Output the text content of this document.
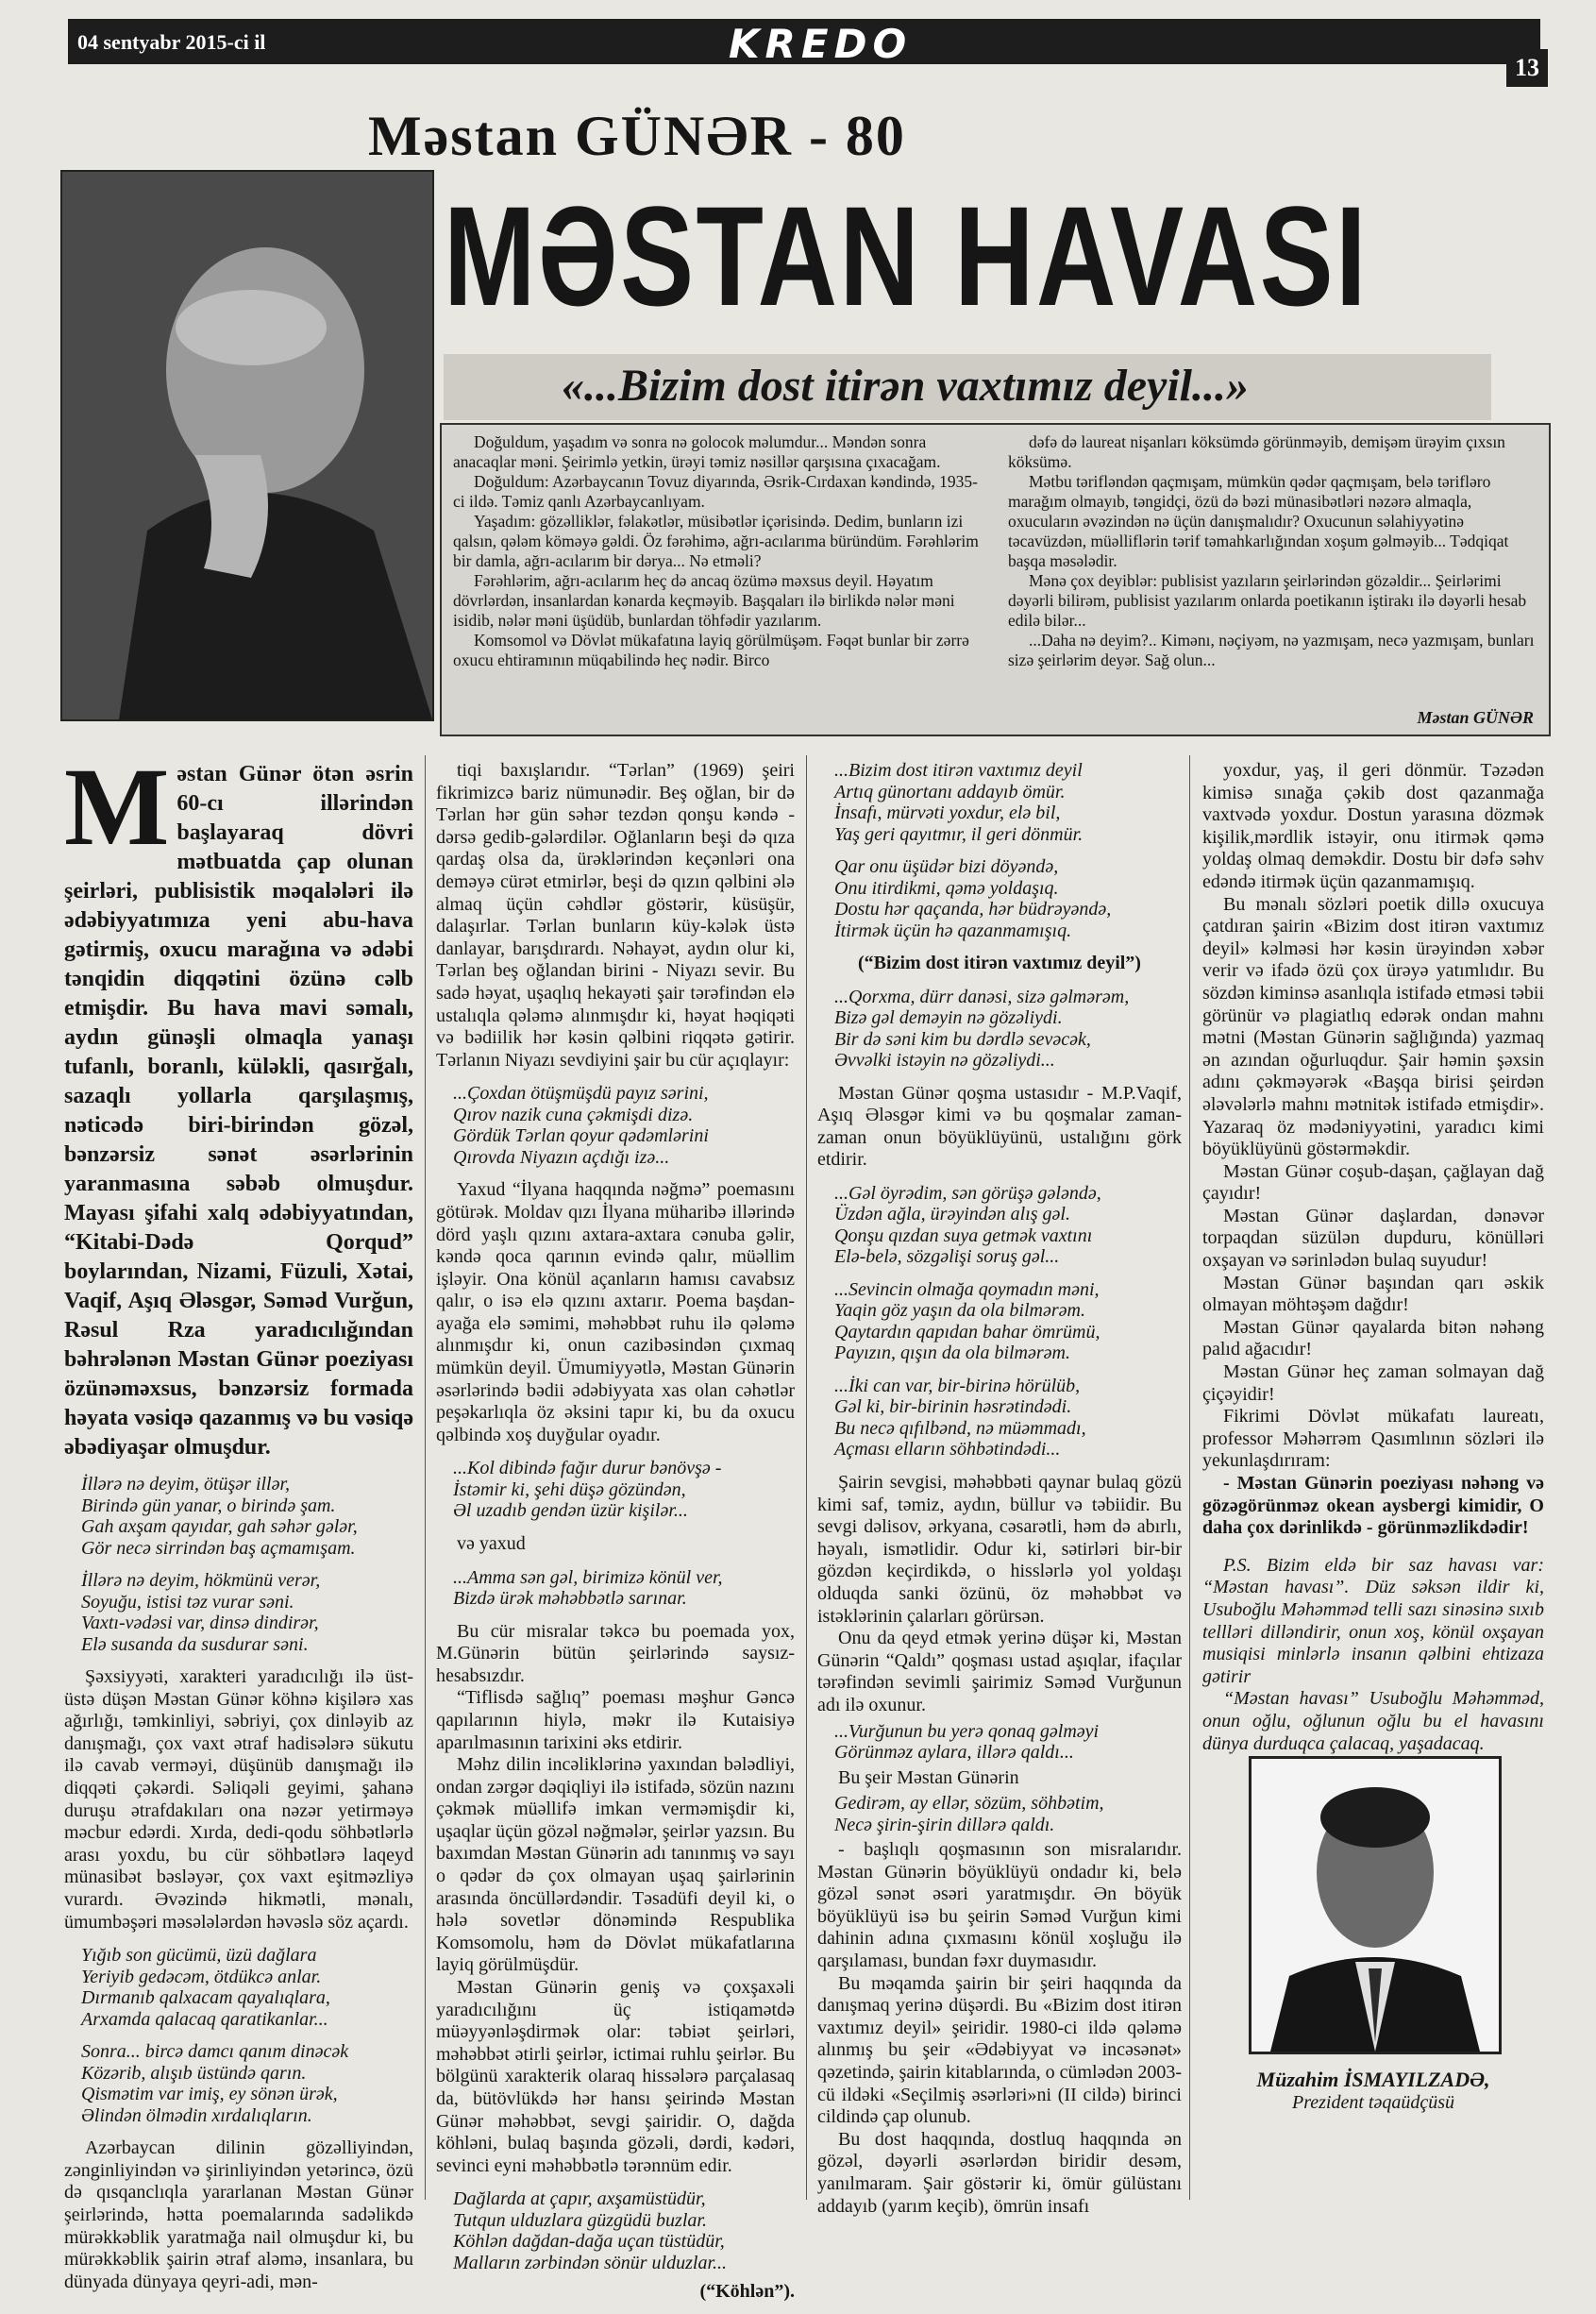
04 sentyabr 2015-ci il	KREDO
13
Məstan GÜNƏR - 80
MƏSTAN HAVASI
«...Bizim dost itirən vaxtımız deyil...»

Doğuldum, yaşadım və sonra nə golocok məlumdur... Məndən sonra anacaqlar məni. Şeirimlə yetkin, ürəyi təmiz nəsillər qarşısına çıxacağam.

Doğuldum: Azərbaycanın Tovuz diyarında, Əsrik-Cırdaxan kəndində, 1935-ci ildə. Təmiz qanlı Azərbaycanlıyam.

Yaşadım: gözəlliklər, fəlakətlər, müsibətlər içərisində. Dedim, bunların izi qalsın, qələm köməyə gəldi. Öz fərəhimə, ağrı-acılarıma büründüm. Fərəhlərim bir damla, ağrı-acılarım bir dərya... Nə etməli?

Fərəhlərim, ağrı-acılarım heç də ancaq özümə məxsus deyil. Həyatım dövrlərdən, insanlardan kənarda keçməyib. Başqaları ilə birlikdə nələr məni isidib, nələr məni üşüdüb, bunlardan töhfədir yazılarım.

Komsomol və Dövlət mükafatına layiq görülmüşəm. Fəqət bunlar bir zərrə oxucu ehtiramının müqabilində heç nədir. Birco

dəfə də laureat nişanları köksümdə görünməyib, demişəm ürəyim çıxsın köksümə.

Mətbu tərifləndən qaçmışam, mümkün qədər qaçmışam, belə tərifləro marağım olmayıb, təngidçi, özü də bəzi münasibətləri nəzərə almaqla, oxucuların əvəzindən nə üçün danışmalıdır? Oxucunun səlahiyyətinə təcavüzdən, müəlliflərin tərif təmahkarlığından xoşum gəlməyib... Tədqiqat başqa məsələdir.

Mənə çox deyiblər: publisist yazıların şeirlərindən gözəldir... Şeirlərimi dəyərli bilirəm, publisist yazılarım onlarda poetikanın iştirakı ilə dəyərli hesab edilə bilər...

...Daha nə deyim?.. Kimənı, nəçiyəm, nə yazmışam, necə yazmışam, bunları sizə şeirlərim deyər. Sağ olun...

Məstan GÜNƏR

Məstan Günər ötən əsrin 60-cı illərindən başlayaraq dövri mətbuatda çap olunan şeirləri, publisistik məqalələri ilə ədəbiyyatımıza yeni abu-hava gətirmiş, oxucu marağına və ədəbi tənqidin diqqətini özünə cəlb etmişdir. Bu hava mavi səmalı, aydın günəşli olmaqla yanaşı tufanlı, boranlı, küləkli, qasırğalı, sazaqlı yollarla qarşılaşmış, nəticədə biri-birindən gözəl, bənzərsiz sənət əsərlərinin yaranmasına səbəb olmuşdur. Mayası şifahi xalq ədəbiyyatından, “Kitabi-Dədə Qorqud” boylarından, Nizami, Füzuli, Xətai, Vaqif, Aşıq Ələsgər, Səməd Vurğun, Rəsul Rza yaradıcılığından bəhrələnən Məstan Günər poeziyası özünəməxsus, bənzərsiz formada həyata vəsiqə qazanmış və bu vəsiqə əbədiyaşar olmuşdur.

İllərə nə deyim, ötüşər illər,
Birində gün yanar, o birində şam.
Gah axşam qayıdar, gah səhər gələr,
Gör necə sirrindən baş açmamışam.
İllərə nə deyim, hökmünü verər,
Soyuğu, istisi təz vurar səni.
Vaxtı-vədəsi var, dinsə dindirər,
Elə susanda da susdurar səni.

Şəxsiyyəti, xarakteri yaradıcılığı ilə üst-üstə düşən Məstan Günər köhnə kişilərə xas ağırlığı, təmkinliyi, səbriyi, çox dinləyib az danışmağı, çox vaxt ətraf hadisələrə sükutu ilə cavab verməyi, düşünüb danışmağı ilə diqqəti çəkərdi. Səliqəli geyimi, şahanə duruşu ətrafdakıları ona nəzər yetirməyə məcbur edərdi. Xırda, dedi-qodu söhbətlərlə arası yoxdu, bu cür söhbətlərə laqeyd münasibət bəsləyər, çox vaxt eşitməzliyə vurardı. Əvəzində hikmətli, mənalı, ümumbəşəri məsələlərdən həvəslə söz açardı.

Yığıb son gücümü, üzü dağlara
Yeriyib gedəcəm, ötdükcə anlar.
Dırmanıb qalxacam qayalıqlara,
Arxamda qalacaq qaratikanlar...
Sonra... bircə damcı qanım dinəcək
Közərib, alışıb üstündə qarın.
Qismətim var imiş, ey sönən ürək,
Əlindən ölmədin xırdalıqların.

Azərbaycan dilinin gözəlliyindən, zənginliyindən və şirinliyindən yetərincə, özü də qısqanclıqla yararlanan Məstan Günər şeirlərində, hətta poemalarında sadəlikdə mürəkkəblik yaratmağa nail olmuşdur ki, bu mürəkkəblik şairin ətraf aləmə, insanlara, bu dünyada dünyaya qeyri-adi, mən-

tiqi baxışlarıdır. “Tərlan” (1969) şeiri fikrimizcə bariz nümunədir. Beş oğlan, bir də Tərlan hər gün səhər tezdən qonşu kəndə - dərsə gedib-gələrdilər. Oğlanların beşi də qıza qardaş olsa da, ürəklərindən keçənləri ona deməyə cürət etmirlər, beşi də qızın qəlbini ələ almaq üçün cəhdlər göstərir, küsüşür, dalaşırlar. Tərlan bunların küy-kələk üstə danlayar, barışdırardı. Nəhayət, aydın olur ki, Tərlan beş oğlandan birini - Niyazı sevir. Bu sadə həyat, uşaqlıq hekayəti şair tərəfindən elə ustalıqla qələmə alınmışdır ki, həyat həqiqəti və bədiilik hər kəsin qəlbini riqqətə gətirir. Tərlanın Niyazı sevdiyini şair bu cür açıqlayır:

...Çoxdan ötüşmüşdü payız sərini,
Qırov nazik cuna çəkmişdi dizə.
Gördük Tərlan qoyur qədəmlərini
Qırovda Niyazın açdığı izə...

Yaxud “İlyana haqqında nəğmə” poemasını götürək. Moldav qızı İlyana müharibə illərində dörd yaşlı qızını axtara-axtara cənuba gəlir, kəndə qoca qarının evində qalır, müəllim işləyir. Ona könül açanların hamısı cavabsız qalır, o isə elə qızını axtarır. Poema başdan-ayağa elə səmimi, məhəbbət ruhu ilə qələmə alınmışdır ki, onun cazibəsindən çıxmaq mümkün deyil. Ümumiyyətlə, Məstan Günərin əsərlərində bədii ədəbiyyata xas olan cəhətlər peşəkarlıqla öz əksini tapır ki, bu da oxucu qəlbində xoş duyğular oyadır.

...Kol dibində fağır durur bənövşə -
İstəmir ki, şehi düşə gözündən,
Əl uzadıb gendən üzür kişilər...

və yaxud

...Amma sən gəl, birimizə könül ver,
Bizdə ürək məhəbbətlə sarınar.

Bu cür misralar təkcə bu poemada yox, M.Günərin bütün şeirlərində saysız-hesabsızdır.

“Tiflisdə sağlıq” poeması məşhur Gəncə qapılarının hiylə, məkr ilə Kutaisiyə aparılmasının tarixini əks etdirir.

Məhz dilin incəliklərinə yaxından bələdliyi, ondan zərgər dəqiqliyi ilə istifadə, sözün nazını çəkmək müəllifə imkan verməmişdir ki, uşaqlar üçün gözəl nəğmələr, şeirlər yazsın. Bu baxımdan Məstan Günərin adı tanınmış və sayı o qədər də çox olmayan uşaq şairlərinin arasında öncüllərdəndir. Təsadüfi deyil ki, o hələ sovetlər dönəmində Respublika Komsomolu, həm də Dövlət mükafatlarına layiq görülmüşdür.

Məstan Günərin geniş və çoxşaxəli yaradıcılığını üç istiqamətdə müəyyənləşdirmək olar: təbiət şeirləri, məhəbbət ətirli şeirlər, ictimai ruhlu şeirlər. Bu bölgünü xarakterik olaraq hissələrə parçalasaq da, bütövlükdə hər hansı şeirində Məstan Günər məhəbbət, sevgi şairidir. O, dağda köhləni, bulaq başında gözəli, dərdi, kədəri, sevinci eyni məhəbbətlə tərənnüm edir.

Dağlarda at çapır, axşamüstüdür,
Tutqun ulduzlara güzgüdü buzlar.
Köhlən dağdan-dağa uçan tüstüdür,
Malların zərbindən sönür ulduzlar...
(“Köhlən”).
...Bizim dost itirən vaxtımız deyil
Artıq günortanı addayıb ömür.
İnsafı, mürvəti yoxdur, elə bil,
Yaş geri qayıtmır, il geri dönmür.
Qar onu üşüdər bizi döyəndə,
Onu itirdikmi, qəmə yoldaşıq.
Dostu hər qaçanda, hər büdrəyəndə,
İtirmək üçün hə qazanmamışıq.
(“Bizim dost itirən vaxtımız deyil”)
...Qorxma, dürr danəsi, sizə gəlmərəm,
Bizə gəl deməyin nə gözəliydi.
Bir də səni kim bu dərdlə sevəcək,
Əvvəlki istəyin nə gözəliydi...

Məstan Günər qoşma ustasıdır - M.P.Vaqif, Aşıq Ələsgər kimi və bu qoşmalar zaman-zaman onun böyüklüyünü, ustalığını görk etdirir.

...Gəl öyrədim, sən görüşə gələndə,
Üzdən ağla, ürəyindən alış gəl.
Qonşu qızdan suya getmək vaxtını
Elə-belə, sözgəlişi soruş gəl...
...Sevincin olmağa qoymadın məni,
Yaqin göz yaşın da ola bilmərəm.
Qaytardın qapıdan bahar ömrümü,
Payızın, qışın da ola bilmərəm.
...İki can var, bir-birinə hörülüb,
Gəl ki, bir-birinin həsrətindədi.
Bu necə qıfılbənd, nə müəmmadı,
Açması elların söhbətindədi...

Şairin sevgisi, məhəbbəti qaynar bulaq gözü kimi saf, təmiz, aydın, büllur və təbiidir. Bu sevgi dəlisov, ərkyana, cəsarətli, həm də abırlı, həyalı, ismətlidir. Odur ki, sətirləri bir-bir gözdən keçirdikdə, o hisslərlə yol yoldaşı olduqda sanki özünü, öz məhəbbət və istəklərinin çalarları görürsən.

Onu da qeyd etmək yerinə düşər ki, Məstan Günərin “Qaldı” qoşması ustad aşıqlar, ifaçılar tərəfindən sevimli şairimiz Səməd Vurğunun adı ilə oxunur.

...Vurğunun bu yerə qonaq gəlməyi
Görünməz aylara, illərə qaldı...

Bu şeir Məstan Günərin

Gedirəm, ay ellər, sözüm, söhbətim,
Necə şirin-şirin dillərə qaldı.

- başlıqlı qoşmasının son misralarıdır. Məstan Günərin böyüklüyü ondadır ki, belə gözəl sənət əsəri yaratmışdır. Ən böyük böyüklüyü isə bu şeirin Səməd Vurğun kimi dahinin adına çıxmasını könül xoşluğu ilə qarşılaması, bundan fəxr duymasıdır.

Bu məqamda şairin bir şeiri haqqında da danışmaq yerinə düşərdi. Bu «Bizim dost itirən vaxtımız deyil» şeiridir. 1980-ci ildə qələmə alınmış bu şeir «Ədəbiyyat və incəsənət» qəzetində, şairin kitablarında, o cümlədən 2003-cü ildəki «Seçilmiş əsərləri»ni (II cildə) birinci cildində çap olunub.

Bu dost haqqında, dostluq haqqında ən gözəl, dəyərli əsərlərdən biridir desəm, yanılmaram. Şair göstərir ki, ömür gülüstanı addayıb (yarım keçib), ömrün insafı

yoxdur, yaş, il geri dönmür. Təzədən kimisə sınağa çəkib dost qazanmağa vaxtvədə yoxdur. Dostun yarasına dözmək kişilik,mərdlik istəyir, onu itirmək qəmə yoldaş olmaq deməkdir. Dostu bir dəfə səhv edəndə itirmək üçün qazanmamışıq.

Bu mənalı sözləri poetik dillə oxucuya çatdıran şairin «Bizim dost itirən vaxtımız deyil» kəlməsi hər kəsin ürəyindən xəbər verir və ifadə özü çox ürəyə yatımlıdır. Bu sözdən kiminsə asanlıqla istifadə etməsi təbii görünür və plagiatlıq edərək ondan mahnı mətni (Məstan Günərin sağlığında) yazmaq ən azından oğurluqdur. Şair həmin şəxsin adını çəkməyərək «Başqa birisi şeirdən ələvələrlə mahnı mətnitək istifadə etmişdir». Yazaraq öz mədəniyyətini, yaradıcı kimi böyüklüyünü göstərməkdir.

Məstan Günər coşub-daşan, çağlayan dağ çayıdır!

Məstan Günər daşlardan, dənəvər torpaqdan süzülən dupduru, könülləri oxşayan və sərinlədən bulaq suyudur!

Məstan Günər başından qarı əskik olmayan möhtəşəm dağdır!

Məstan Günər qayalarda bitən nəhəng palıd ağacıdır!

Məstan Günər heç zaman solmayan dağ çiçəyidir!

Fikrimi Dövlət mükafatı laureatı, professor Məhərrəm Qasımlının sözləri ilə yekunlaşdırıram:

- Məstan Günərin poeziyası nəhəng və gözəgörünməz okean aysbergi kimidir, O daha çox dərinlikdə - görünməzlikdədir!

P.S. Bizim eldə bir saz havası var: “Məstan havası”. Düz səksən ildir ki, Usuboğlu Məhəmməd telli sazı sinəsinə sıxıb tellləri dilləndirir, onun xoş, könül oxşayan musiqisi minlərlə insanın qəlbini ehtizaza gətirir

“Məstan havası” Usuboğlu Məhəmməd, onun oğlu, oğlunun oğlu bu el havasını dünya durduqca çalacaq, yaşadacaq.

Müzahim İSMAYILZADƏ,
Prezident təqaüdçüsü
